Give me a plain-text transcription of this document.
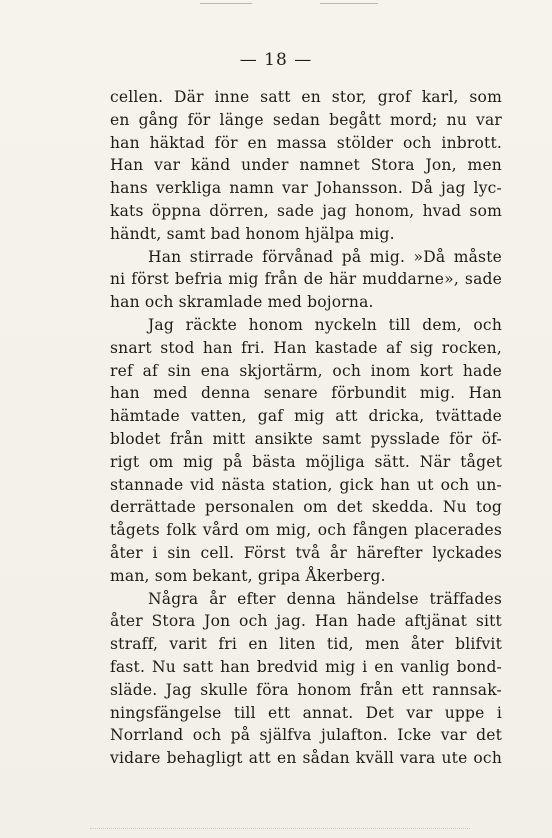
— 18 —
cellen. Där inne satt en stor, grof karl, som
en gång för länge sedan begått mord; nu var
han häktad för en massa stölder och inbrott.
Han var känd under namnet Stora Jon, men
hans verkliga namn var Johansson. Då jag lyc-
kats öppna dörren, sade jag honom, hvad som
händt, samt bad honom hjälpa mig.
Han stirrade förvånad på mig. »Då måste
ni först befria mig från de här muddarne», sade
han och skramlade med bojorna.
Jag räckte honom nyckeln till dem, och
snart stod han fri. Han kastade af sig rocken,
ref af sin ena skjortärm, och inom kort hade
han med denna senare förbundit mig. Han
hämtade vatten, gaf mig att dricka, tvättade
blodet från mitt ansikte samt pysslade för öf-
rigt om mig på bästa möjliga sätt. När tåget
stannade vid nästa station, gick han ut och un-
derrättade personalen om det skedda. Nu tog
tågets folk vård om mig, och fången placerades
åter i sin cell. Först två år härefter lyckades
man, som bekant, gripa Åkerberg.
Några år efter denna händelse träffades
åter Stora Jon och jag. Han hade aftjänat sitt
straff, varit fri en liten tid, men åter blifvit
fast. Nu satt han bredvid mig i en vanlig bond-
släde. Jag skulle föra honom från ett rannsak-
ningsfängelse till ett annat. Det var uppe i
Norrland och på själfva julafton. Icke var det
vidare behagligt att en sådan kväll vara ute och
